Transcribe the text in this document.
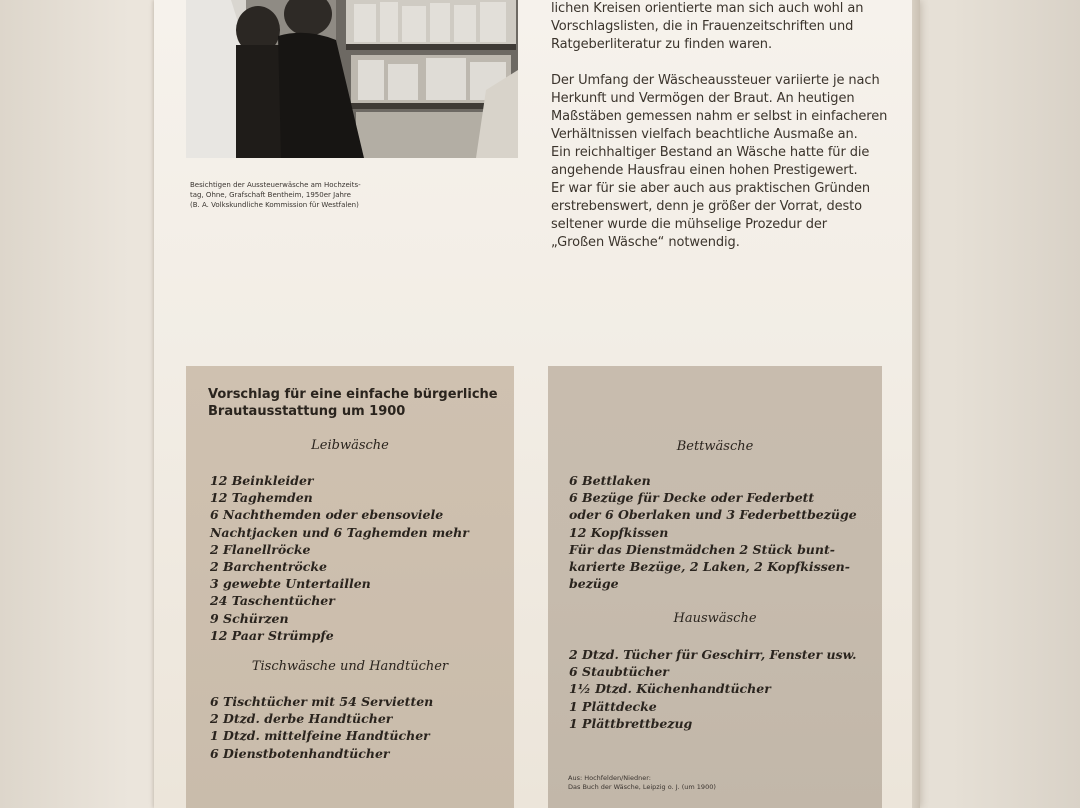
Besichtigen der Aussteuerwäsche am Hochzeits-
tag, Ohne, Grafschaft Bentheim, 1950er Jahre
(B. A. Volkskundliche Kommission für Westfalen)
lichen Kreisen orientierte man sich auch wohl an
Vorschlagslisten, die in Frauenzeitschriften und
Ratgeberliteratur zu finden waren.
Der Umfang der Wäscheaussteuer variierte je nach
Herkunft und Vermögen der Braut. An heutigen
Maßstäben gemessen nahm er selbst in einfacheren
Verhältnissen vielfach beachtliche Ausmaße an.
Ein reichhaltiger Bestand an Wäsche hatte für die
angehende Hausfrau einen hohen Prestigewert.
Er war für sie aber auch aus praktischen Gründen
erstrebenswert, denn je größer der Vorrat, desto
seltener wurde die mühselige Prozedur der
„Großen Wäsche“ notwendig.
Vorschlag für eine einfache bürgerliche
Brautausstattung um 1900
Leibwäsche
12 Beinkleider
12 Taghemden
6 Nachthemden oder ebensoviele
Nachtjacken und 6 Taghemden mehr
2 Flanellröcke
2 Barchentröcke
3 gewebte Untertaillen
24 Taschentücher
9 Schürzen
12 Paar Strümpfe
Tischwäsche und Handtücher
6 Tischtücher mit 54 Servietten
2 Dtzd. derbe Handtücher
1 Dtzd. mittelfeine Handtücher
6 Dienstbotenhandtücher
Bettwäsche
6 Bettlaken
6 Bezüge für Decke oder Federbett
oder 6 Oberlaken und 3 Federbettbezüge
12 Kopfkissen
Für das Dienstmädchen 2 Stück bunt-
karierte Bezüge, 2 Laken, 2 Kopfkissen-
bezüge
Hauswäsche
2 Dtzd. Tücher für Geschirr, Fenster usw.
6 Staubtücher
1½ Dtzd. Küchenhandtücher
1 Plättdecke
1 Plättbrettbezug
Aus: Hochfelden/Niedner:
Das Buch der Wäsche, Leipzig o. J. (um 1900)
